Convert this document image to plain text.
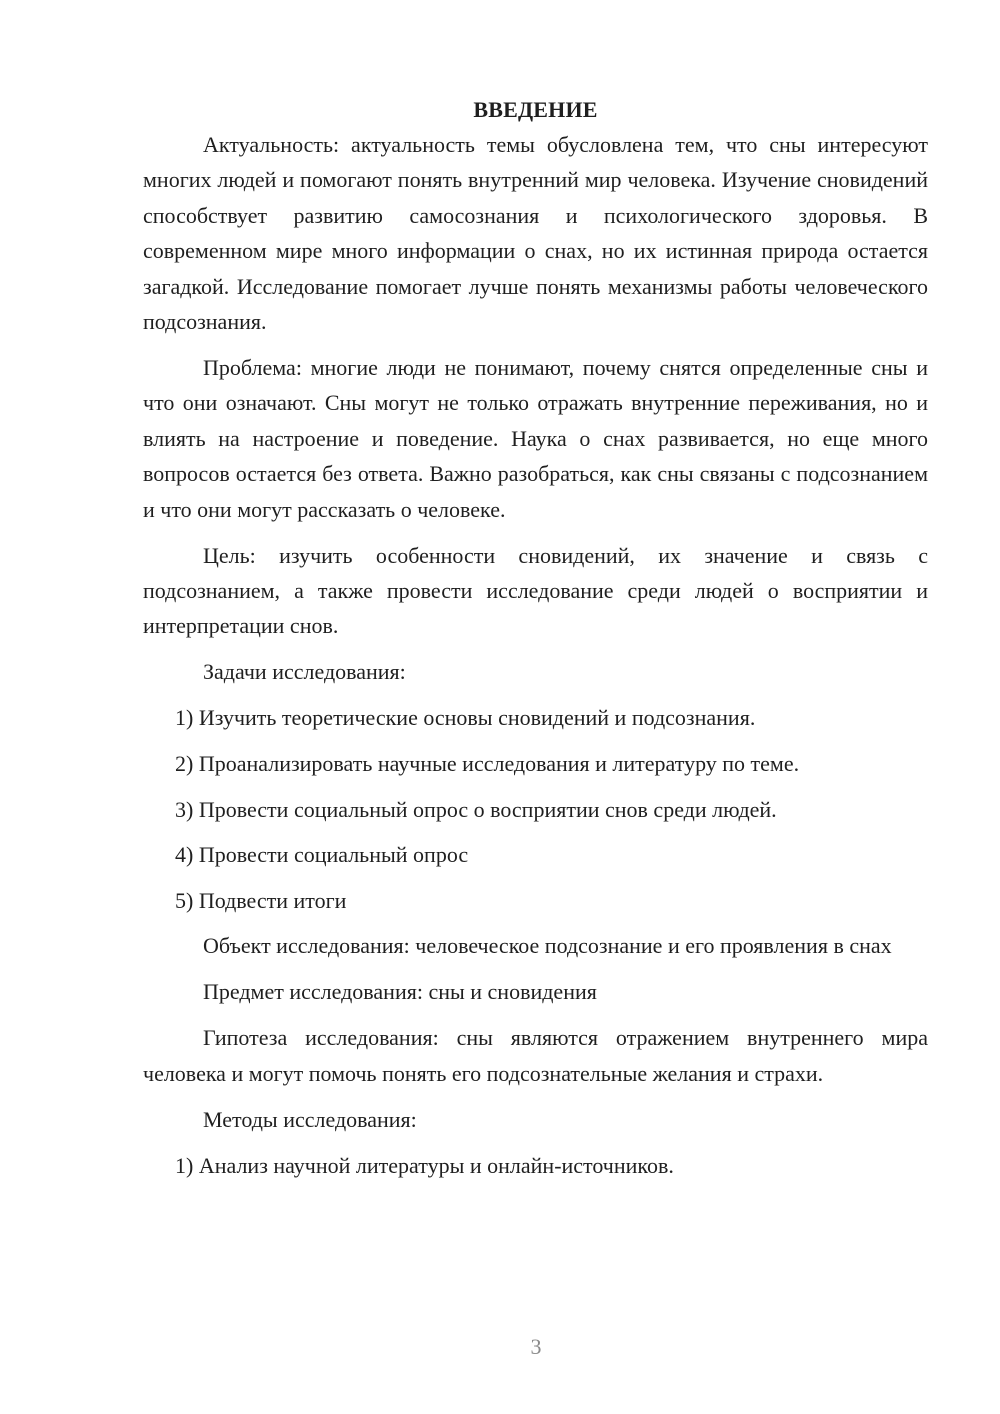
ВВЕДЕНИЕ

Актуальность: актуальность темы обусловлена тем, что сны интересуют многих людей и помогают понять внутренний мир человека. Изучение сновидений способствует развитию самосознания и психологического здоровья. В современном мире много информации о снах, но их истинная природа остается загадкой. Исследование помогает лучше понять механизмы работы человеческого подсознания.

Проблема: многие люди не понимают, почему снятся определенные сны и что они означают. Сны могут не только отражать внутренние переживания, но и влиять на настроение и поведение. Наука о снах развивается, но еще много вопросов остается без ответа. Важно разобраться, как сны связаны с подсознанием и что они могут рассказать о человеке.

Цель: изучить особенности сновидений, их значение и связь с подсознанием, а также провести исследование среди людей о восприятии и интерпретации снов.

Задачи исследования:

1) Изучить теоретические основы сновидений и подсознания.
2) Проанализировать научные исследования и литературу по теме.
3) Провести социальный опрос о восприятии снов среди людей.
4) Провести социальный опрос
5) Подвести итоги

Объект исследования: человеческое подсознание и его проявления в снах

Предмет исследования: сны и сновидения

Гипотеза исследования: сны являются отражением внутреннего мира человека и могут помочь понять его подсознательные желания и страхи.

Методы исследования:

1) Анализ научной литературы и онлайн-источников.
3
